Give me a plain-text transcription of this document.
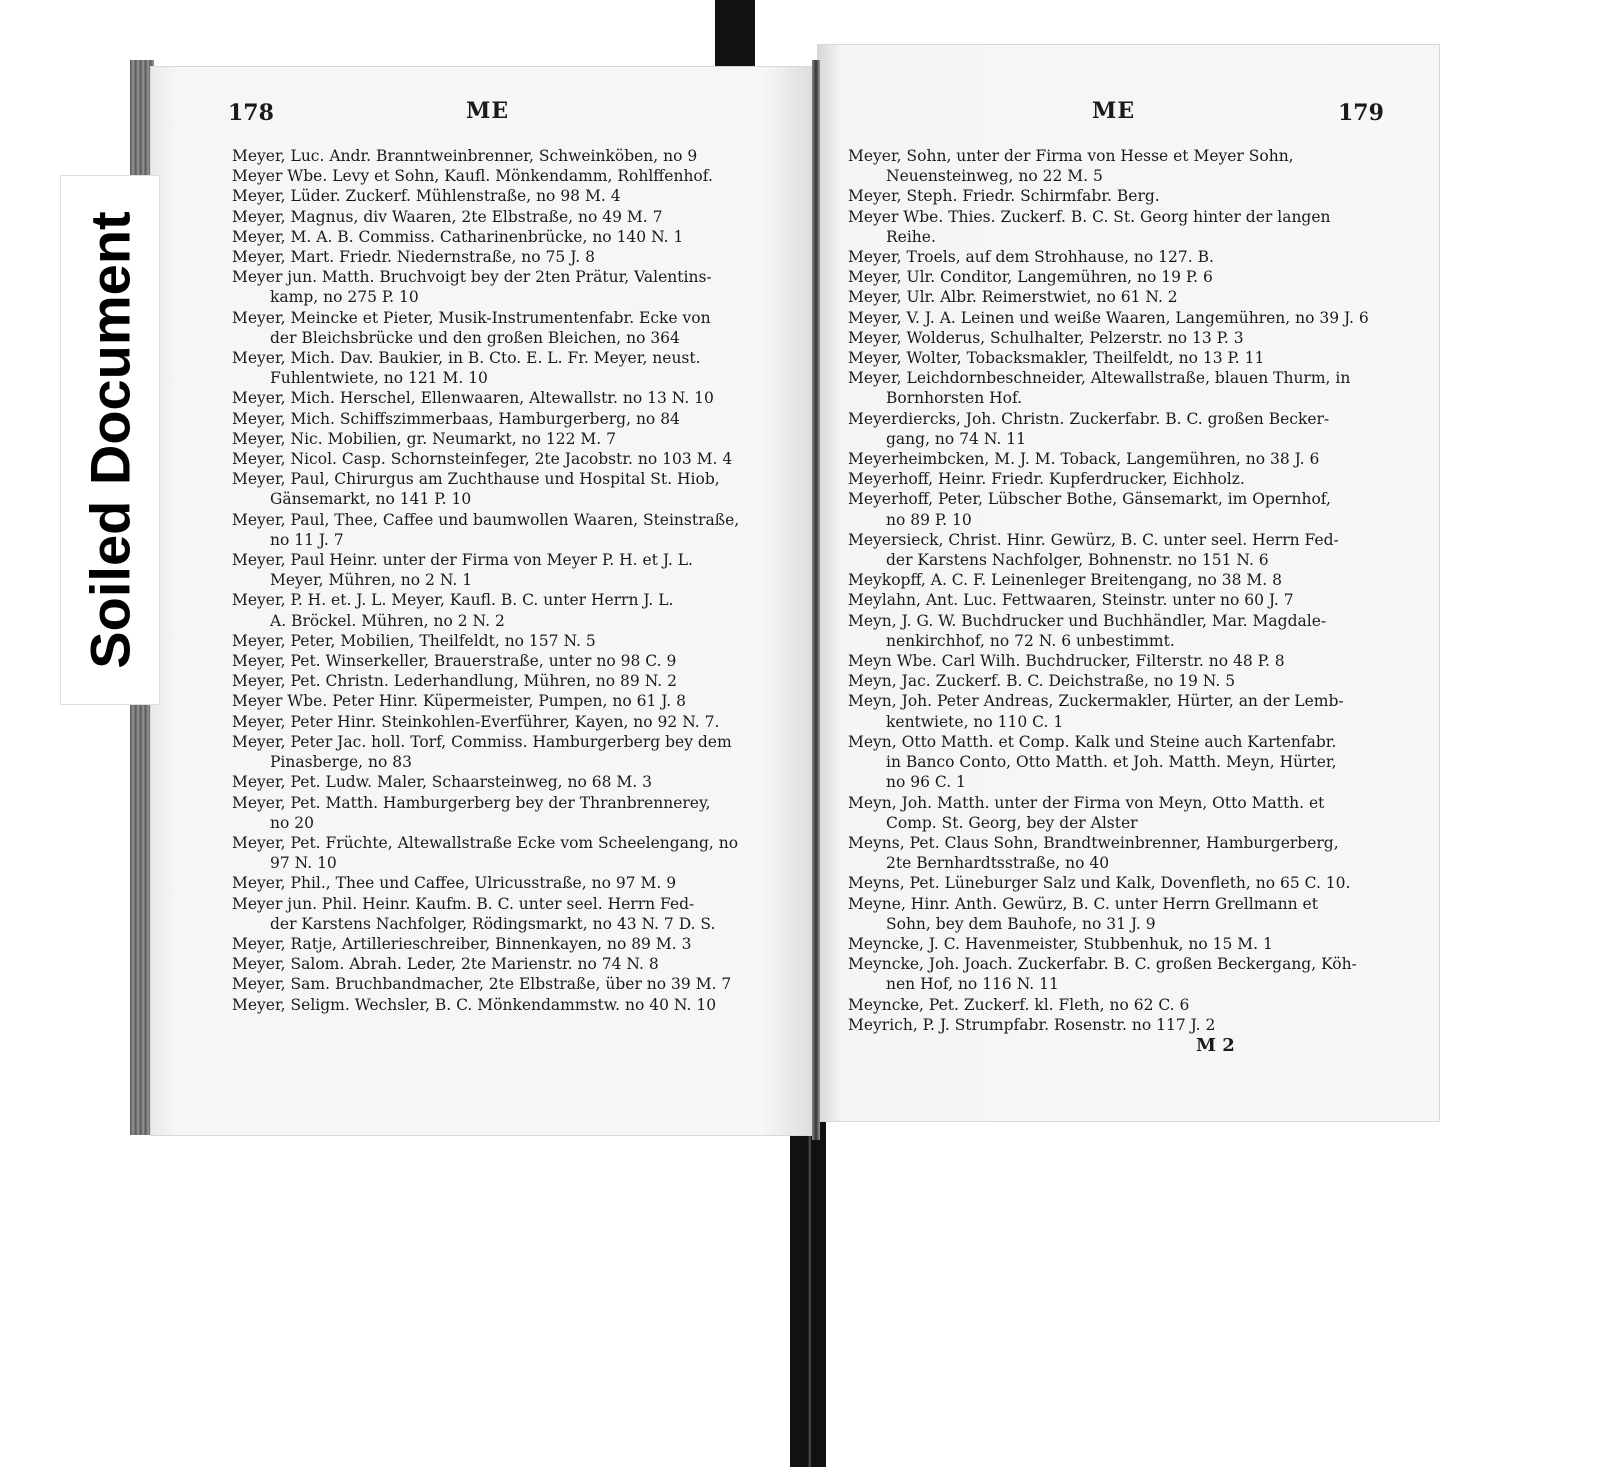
Soiled Document
178	ME	ME	179
Meyer, Luc. Andr. Branntweinbrenner, Schweinköben, no 9
Meyer Wbe. Levy et Sohn, Kaufl. Mönkendamm, Rohlffenhof.
Meyer, Lüder. Zuckerf. Mühlenstraße, no 98 M. 4
Meyer, Magnus, div Waaren, 2te Elbstraße, no 49 M. 7
Meyer, M. A. B. Commiss. Catharinenbrücke, no 140 N. 1
Meyer, Mart. Friedr. Niedernstraße, no 75 J. 8
Meyer jun. Matth. Bruchvoigt bey der 2ten Prätur, Valentins-
kamp, no 275 P. 10
Meyer, Meincke et Pieter, Musik-Instrumentenfabr. Ecke von
der Bleichsbrücke und den großen Bleichen, no 364
Meyer, Mich. Dav. Baukier, in B. Cto. E. L. Fr. Meyer, neust.
Fuhlentwiete, no 121 M. 10
Meyer, Mich. Herschel, Ellenwaaren, Altewallstr. no 13 N. 10
Meyer, Mich. Schiffszimmerbaas, Hamburgerberg, no 84
Meyer, Nic. Mobilien, gr. Neumarkt, no 122 M. 7
Meyer, Nicol. Casp. Schornsteinfeger, 2te Jacobstr. no 103 M. 4
Meyer, Paul, Chirurgus am Zuchthause und Hospital St. Hiob,
Gänsemarkt, no 141 P. 10
Meyer, Paul, Thee, Caffee und baumwollen Waaren, Steinstraße,
no 11 J. 7
Meyer, Paul Heinr. unter der Firma von Meyer P. H. et J. L.
Meyer, Mühren, no 2 N. 1
Meyer, P. H. et. J. L. Meyer, Kaufl. B. C. unter Herrn J. L.
A. Bröckel. Mühren, no 2 N. 2
Meyer, Peter, Mobilien, Theilfeldt, no 157 N. 5
Meyer, Pet. Winserkeller, Brauerstraße, unter no 98 C. 9
Meyer, Pet. Christn. Lederhandlung, Mühren, no 89 N. 2
Meyer Wbe. Peter Hinr. Küpermeister, Pumpen, no 61 J. 8
Meyer, Peter Hinr. Steinkohlen-Everführer, Kayen, no 92 N. 7.
Meyer, Peter Jac. holl. Torf, Commiss. Hamburgerberg bey dem
Pinasberge, no 83
Meyer, Pet. Ludw. Maler, Schaarsteinweg, no 68 M. 3
Meyer, Pet. Matth. Hamburgerberg bey der Thranbrennerey,
no 20
Meyer, Pet. Früchte, Altewallstraße Ecke vom Scheelengang, no
97 N. 10
Meyer, Phil., Thee und Caffee, Ulricusstraße, no 97 M. 9
Meyer jun. Phil. Heinr. Kaufm. B. C. unter seel. Herrn Fed-
der Karstens Nachfolger, Rödingsmarkt, no 43 N. 7 D. S.
Meyer, Ratje, Artillerieschreiber, Binnenkayen, no 89 M. 3
Meyer, Salom. Abrah. Leder, 2te Marienstr. no 74 N. 8
Meyer, Sam. Bruchbandmacher, 2te Elbstraße, über no 39 M. 7
Meyer, Seligm. Wechsler, B. C. Mönkendammstw. no 40 N. 10
Meyer, Sohn, unter der Firma von Hesse et Meyer Sohn,
Neuensteinweg, no 22 M. 5
Meyer, Steph. Friedr. Schirmfabr. Berg.
Meyer Wbe. Thies. Zuckerf. B. C. St. Georg hinter der langen
Reihe.
Meyer, Troels, auf dem Strohhause, no 127. B.
Meyer, Ulr. Conditor, Langemühren, no 19 P. 6
Meyer, Ulr. Albr. Reimerstwiet, no 61 N. 2
Meyer, V. J. A. Leinen und weiße Waaren, Langemühren, no 39 J. 6
Meyer, Wolderus, Schulhalter, Pelzerstr. no 13 P. 3
Meyer, Wolter, Tobacksmakler, Theilfeldt, no 13 P. 11
Meyer, Leichdornbeschneider, Altewallstraße, blauen Thurm, in
Bornhorsten Hof.
Meyerdiercks, Joh. Christn. Zuckerfabr. B. C. großen Becker-
gang, no 74 N. 11
Meyerheimbcken, M. J. M. Toback, Langemühren, no 38 J. 6
Meyerhoff, Heinr. Friedr. Kupferdrucker, Eichholz.
Meyerhoff, Peter, Lübscher Bothe, Gänsemarkt, im Opernhof,
no 89 P. 10
Meyersieck, Christ. Hinr. Gewürz, B. C. unter seel. Herrn Fed-
der Karstens Nachfolger, Bohnenstr. no 151 N. 6
Meykopff, A. C. F. Leinenleger Breitengang, no 38 M. 8
Meylahn, Ant. Luc. Fettwaaren, Steinstr. unter no 60 J. 7
Meyn, J. G. W. Buchdrucker und Buchhändler, Mar. Magdale-
nenkirchhof, no 72 N. 6 unbestimmt.
Meyn Wbe. Carl Wilh. Buchdrucker, Filterstr. no 48 P. 8
Meyn, Jac. Zuckerf. B. C. Deichstraße, no 19 N. 5
Meyn, Joh. Peter Andreas, Zuckermakler, Hürter, an der Lemb-
kentwiete, no 110 C. 1
Meyn, Otto Matth. et Comp. Kalk und Steine auch Kartenfabr.
in Banco Conto, Otto Matth. et Joh. Matth. Meyn, Hürter,
no 96 C. 1
Meyn, Joh. Matth. unter der Firma von Meyn, Otto Matth. et
Comp. St. Georg, bey der Alster
Meyns, Pet. Claus Sohn, Brandtweinbrenner, Hamburgerberg,
2te Bernhardtsstraße, no 40
Meyns, Pet. Lüneburger Salz und Kalk, Dovenfleth, no 65 C. 10.
Meyne, Hinr. Anth. Gewürz, B. C. unter Herrn Grellmann et
Sohn, bey dem Bauhofe, no 31 J. 9
Meyncke, J. C. Havenmeister, Stubbenhuk, no 15 M. 1
Meyncke, Joh. Joach. Zuckerfabr. B. C. großen Beckergang, Köh-
nen Hof, no 116 N. 11
Meyncke, Pet. Zuckerf. kl. Fleth, no 62 C. 6
Meyrich, P. J. Strumpfabr. Rosenstr. no 117 J. 2
M 2
